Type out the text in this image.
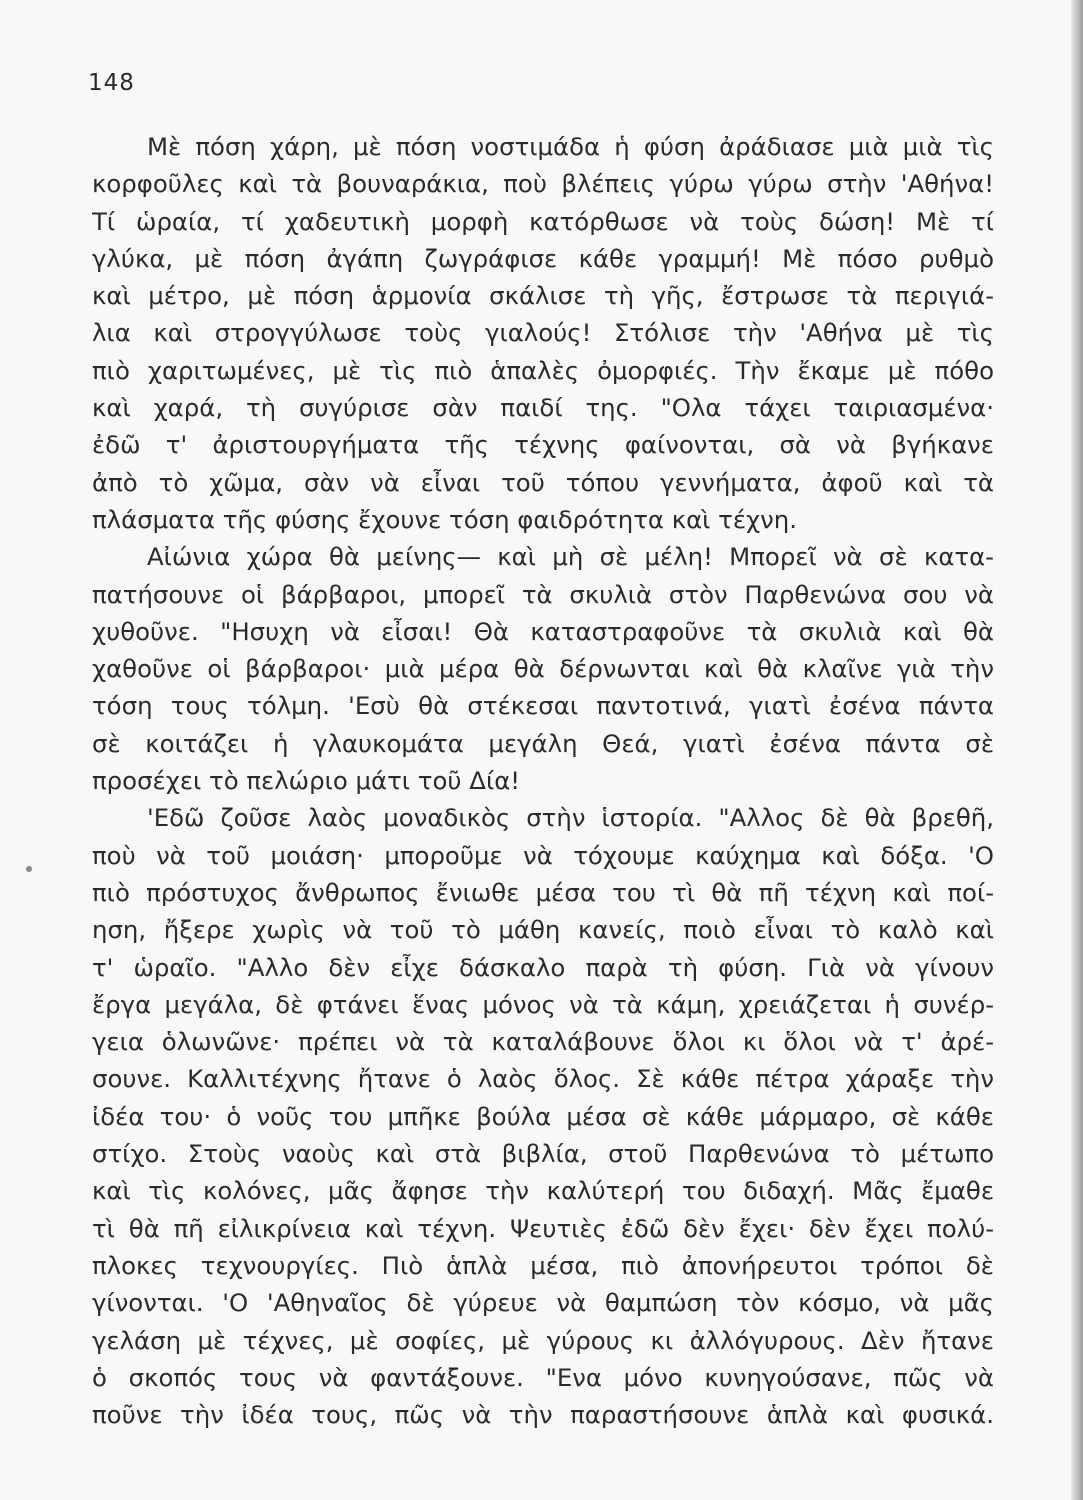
148
Μὲ πόση χάρη, μὲ πόση νοστιμάδα ἡ φύση ἀράδιασε μιὰ μιὰ τὶς
κορφοῦλες καὶ τὰ βουναράκια, ποὺ βλέπεις γύρω γύρω στὴν 'Αθήνα!
Τί ὡραία, τί χαδευτικὴ μορφὴ κατόρθωσε νὰ τοὺς δώση! Μὲ τί
γλύκα, μὲ πόση ἀγάπη ζωγράφισε κάθε γραμμή! Μὲ πόσο ρυθμὸ
καὶ μέτρο, μὲ πόση ἁρμονία σκάλισε τὴ γῆς, ἔστρωσε τὰ περιγιά-
λια καὶ στρογγύλωσε τοὺς γιαλούς! Στόλισε τὴν 'Αθήνα μὲ τὶς
πιὸ χαριτωμένες, μὲ τὶς πιὸ ἁπαλὲς ὀμορφιές. Τὴν ἔκαμε μὲ πόθο
καὶ χαρά, τὴ συγύρισε σὰν παιδί της. "Ολα τάχει ταιριασμένα·
ἐδῶ τ' ἀριστουργήματα τῆς τέχνης φαίνονται, σὰ νὰ βγήκανε
ἀπὸ τὸ χῶμα, σὰν νὰ εἶναι τοῦ τόπου γεννήματα, ἀφοῦ καὶ τὰ
πλάσματα τῆς φύσης ἔχουνε τόση φαιδρότητα καὶ τέχνη.
Αἰώνια χώρα θὰ μείνης— καὶ μὴ σὲ μέλη! Μπορεῖ νὰ σὲ κατα-
πατήσουνε οἱ βάρβαροι, μπορεῖ τὰ σκυλιὰ στὸν Παρθενώνα σου νὰ
χυθοῦνε. "Ησυχη νὰ εἶσαι! Θὰ καταστραφοῦνε τὰ σκυλιὰ καὶ θὰ
χαθοῦνε οἱ βάρβαροι· μιὰ μέρα θὰ δέρνωνται καὶ θὰ κλαῖνε γιὰ τὴν
τόση τους τόλμη. 'Εσὺ θὰ στέκεσαι παντοτινά, γιατὶ ἐσένα πάντα
σὲ κοιτάζει ἡ γλαυκομάτα μεγάλη Θεά, γιατὶ ἐσένα πάντα σὲ
προσέχει τὸ πελώριο μάτι τοῦ Δία!
'Εδῶ ζοῦσε λαὸς μοναδικὸς στὴν ἱστορία. "Αλλος δὲ θὰ βρεθῆ,
ποὺ νὰ τοῦ μοιάση· μποροῦμε νὰ τόχουμε καύχημα καὶ δόξα. 'Ο
πιὸ πρόστυχος ἄνθρωπος ἔνιωθε μέσα του τὶ θὰ πῆ τέχνη καὶ ποί-
ηση, ἤξερε χωρὶς νὰ τοῦ τὸ μάθη κανείς, ποιὸ εἶναι τὸ καλὸ καὶ
τ' ὡραῖο. "Αλλο δὲν εἶχε δάσκαλο παρὰ τὴ φύση. Γιὰ νὰ γίνουν
ἔργα μεγάλα, δὲ φτάνει ἕνας μόνος νὰ τὰ κάμη, χρειάζεται ἡ συνέρ-
γεια ὁλωνῶνε· πρέπει νὰ τὰ καταλάβουνε ὅλοι κι ὅλοι νὰ τ' ἀρέ-
σουνε. Καλλιτέχνης ἤτανε ὁ λαὸς ὅλος. Σὲ κάθε πέτρα χάραξε τὴν
ἰδέα του· ὁ νοῦς του μπῆκε βούλα μέσα σὲ κάθε μάρμαρο, σὲ κάθε
στίχο. Στοὺς ναοὺς καὶ στὰ βιβλία, στοῦ Παρθενώνα τὸ μέτωπο
καὶ τὶς κολόνες, μᾶς ἄφησε τὴν καλύτερή του διδαχή. Μᾶς ἔμαθε
τὶ θὰ πῆ εἰλικρίνεια καὶ τέχνη. Ψευτιὲς ἐδῶ δὲν ἔχει· δὲν ἔχει πολύ-
πλοκες τεχνουργίες. Πιὸ ἁπλὰ μέσα, πιὸ ἀπονήρευτοι τρόποι δὲ
γίνονται. 'Ο 'Αθηναῖος δὲ γύρευε νὰ θαμπώση τὸν κόσμο, νὰ μᾶς
γελάση μὲ τέχνες, μὲ σοφίες, μὲ γύρους κι ἀλλόγυρους. Δὲν ἤτανε
ὁ σκοπός τους νὰ φαντάξουνε. "Ενα μόνο κυνηγούσανε, πῶς νὰ
ποῦνε τὴν ἰδέα τους, πῶς νὰ τὴν παραστήσουνε ἁπλὰ καὶ φυσικά.
